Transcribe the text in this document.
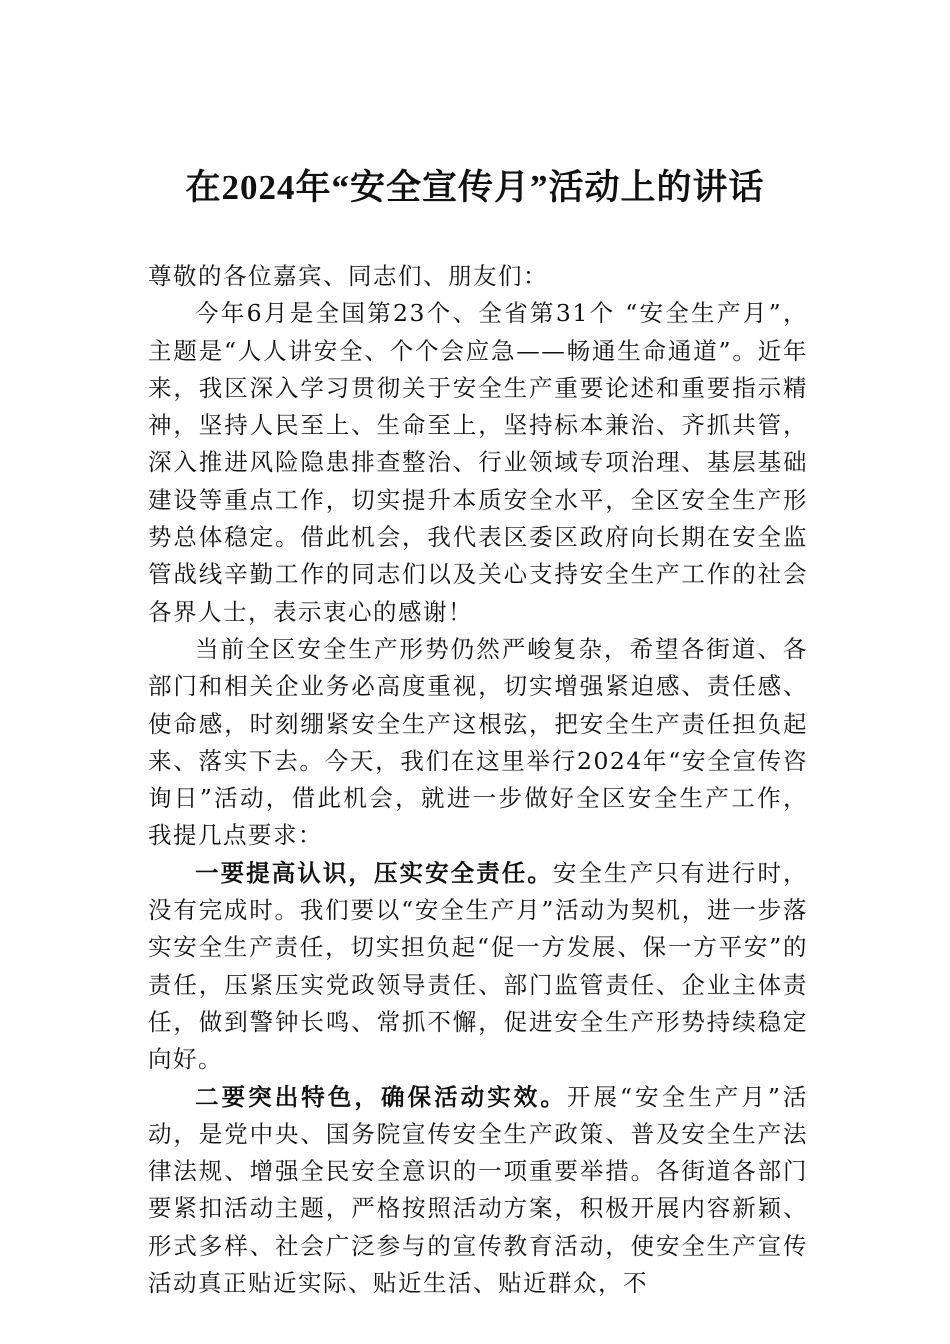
在2024年“安全宣传月”活动上的讲话

尊敬的各位嘉宾、同志们、朋友们：

今年6月是全国第23个、全省第31个 “安全生产月”，主题是“人人讲安全、个个会应急——畅通生命通道”。近年来，我区深入学习贯彻关于安全生产重要论述和重要指示精神，坚持人民至上、生命至上，坚持标本兼治、齐抓共管，深入推进风险隐患排查整治、行业领域专项治理、基层基础建设等重点工作，切实提升本质安全水平，全区安全生产形势总体稳定。借此机会，我代表区委区政府向长期在安全监管战线辛勤工作的同志们以及关心支持安全生产工作的社会各界人士，表示衷心的感谢！

当前全区安全生产形势仍然严峻复杂，希望各街道、各部门和相关企业务必高度重视，切实增强紧迫感、责任感、使命感，时刻绷紧安全生产这根弦，把安全生产责任担负起来、落实下去。今天，我们在这里举行2024年“安全宣传咨询日”活动，借此机会，就进一步做好全区安全生产工作，我提几点要求：

一要提高认识，压实安全责任。安全生产只有进行时，没有完成时。我们要以“安全生产月”活动为契机，进一步落实安全生产责任，切实担负起“促一方发展、保一方平安”的责任，压紧压实党政领导责任、部门监管责任、企业主体责任，做到警钟长鸣、常抓不懈，促进安全生产形势持续稳定向好。

二要突出特色，确保活动实效。开展“安全生产月”活动，是党中央、国务院宣传安全生产政策、普及安全生产法律法规、增强全民安全意识的一项重要举措。各街道各部门要紧扣活动主题，严格按照活动方案，积极开展内容新颖、形式多样、社会广泛参与的宣传教育活动，使安全生产宣传活动真正贴近实际、贴近生活、贴近群众，不
